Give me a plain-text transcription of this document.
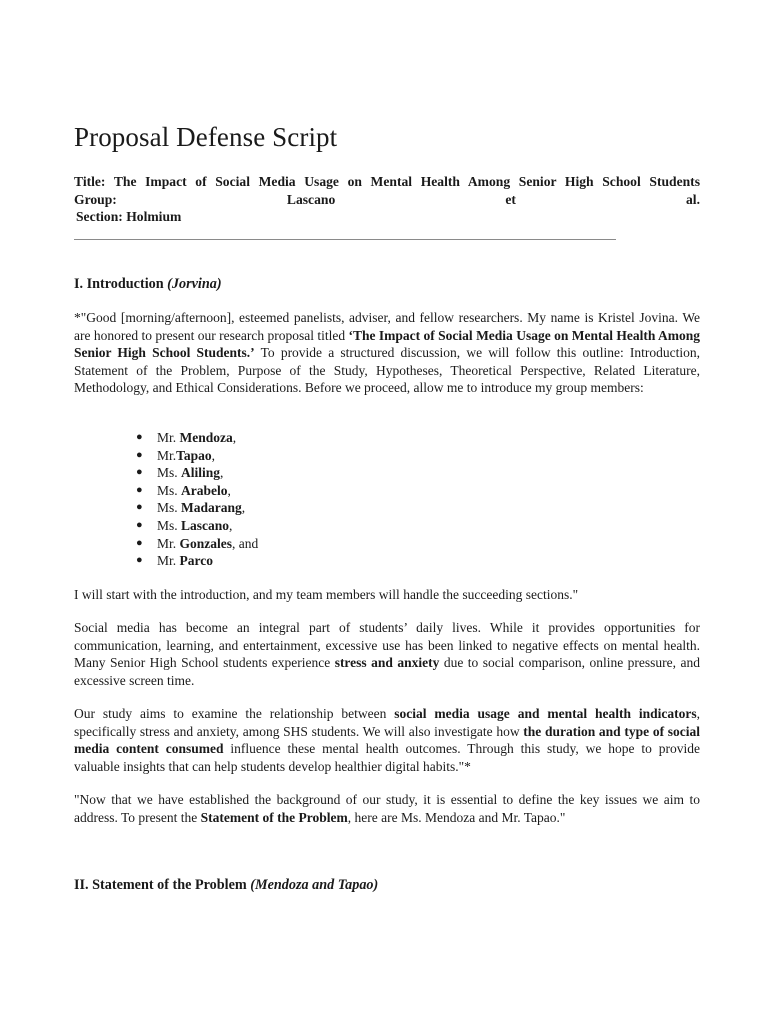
Proposal Defense Script
Title: The Impact of Social Media Usage on Mental Health Among Senior High School Students
Group:	Lascano	et	al.
Section: Holmium
I. Introduction (Jorvina)

*"Good [morning/afternoon], esteemed panelists, adviser, and fellow researchers. My name is Kristel Jovina. We are honored to present our research proposal titled ‘The Impact of Social Media Usage on Mental Health Among Senior High School Students.’ To provide a structured discussion, we will follow this outline: Introduction, Statement of the Problem, Purpose of the Study, Hypotheses, Theoretical Perspective, Related Literature, Methodology, and Ethical Considerations. Before we proceed, allow me to introduce my group members:

● Mr. Mendoza,
● Mr.Tapao,
● Ms. Aliling,
● Ms. Arabelo,
● Ms. Madarang,
● Ms. Lascano,
● Mr. Gonzales, and
● Mr. Parco

I will start with the introduction, and my team members will handle the succeeding sections."

Social media has become an integral part of students’ daily lives. While it provides opportunities for communication, learning, and entertainment, excessive use has been linked to negative effects on mental health. Many Senior High School students experience stress and anxiety due to social comparison, online pressure, and excessive screen time.

Our study aims to examine the relationship between social media usage and mental health indicators, specifically stress and anxiety, among SHS students. We will also investigate how the duration and type of social media content consumed influence these mental health outcomes. Through this study, we hope to provide valuable insights that can help students develop healthier digital habits."*

"Now that we have established the background of our study, it is essential to define the key issues we aim to address. To present the Statement of the Problem, here are Ms. Mendoza and Mr. Tapao."

II. Statement of the Problem (Mendoza and Tapao)
